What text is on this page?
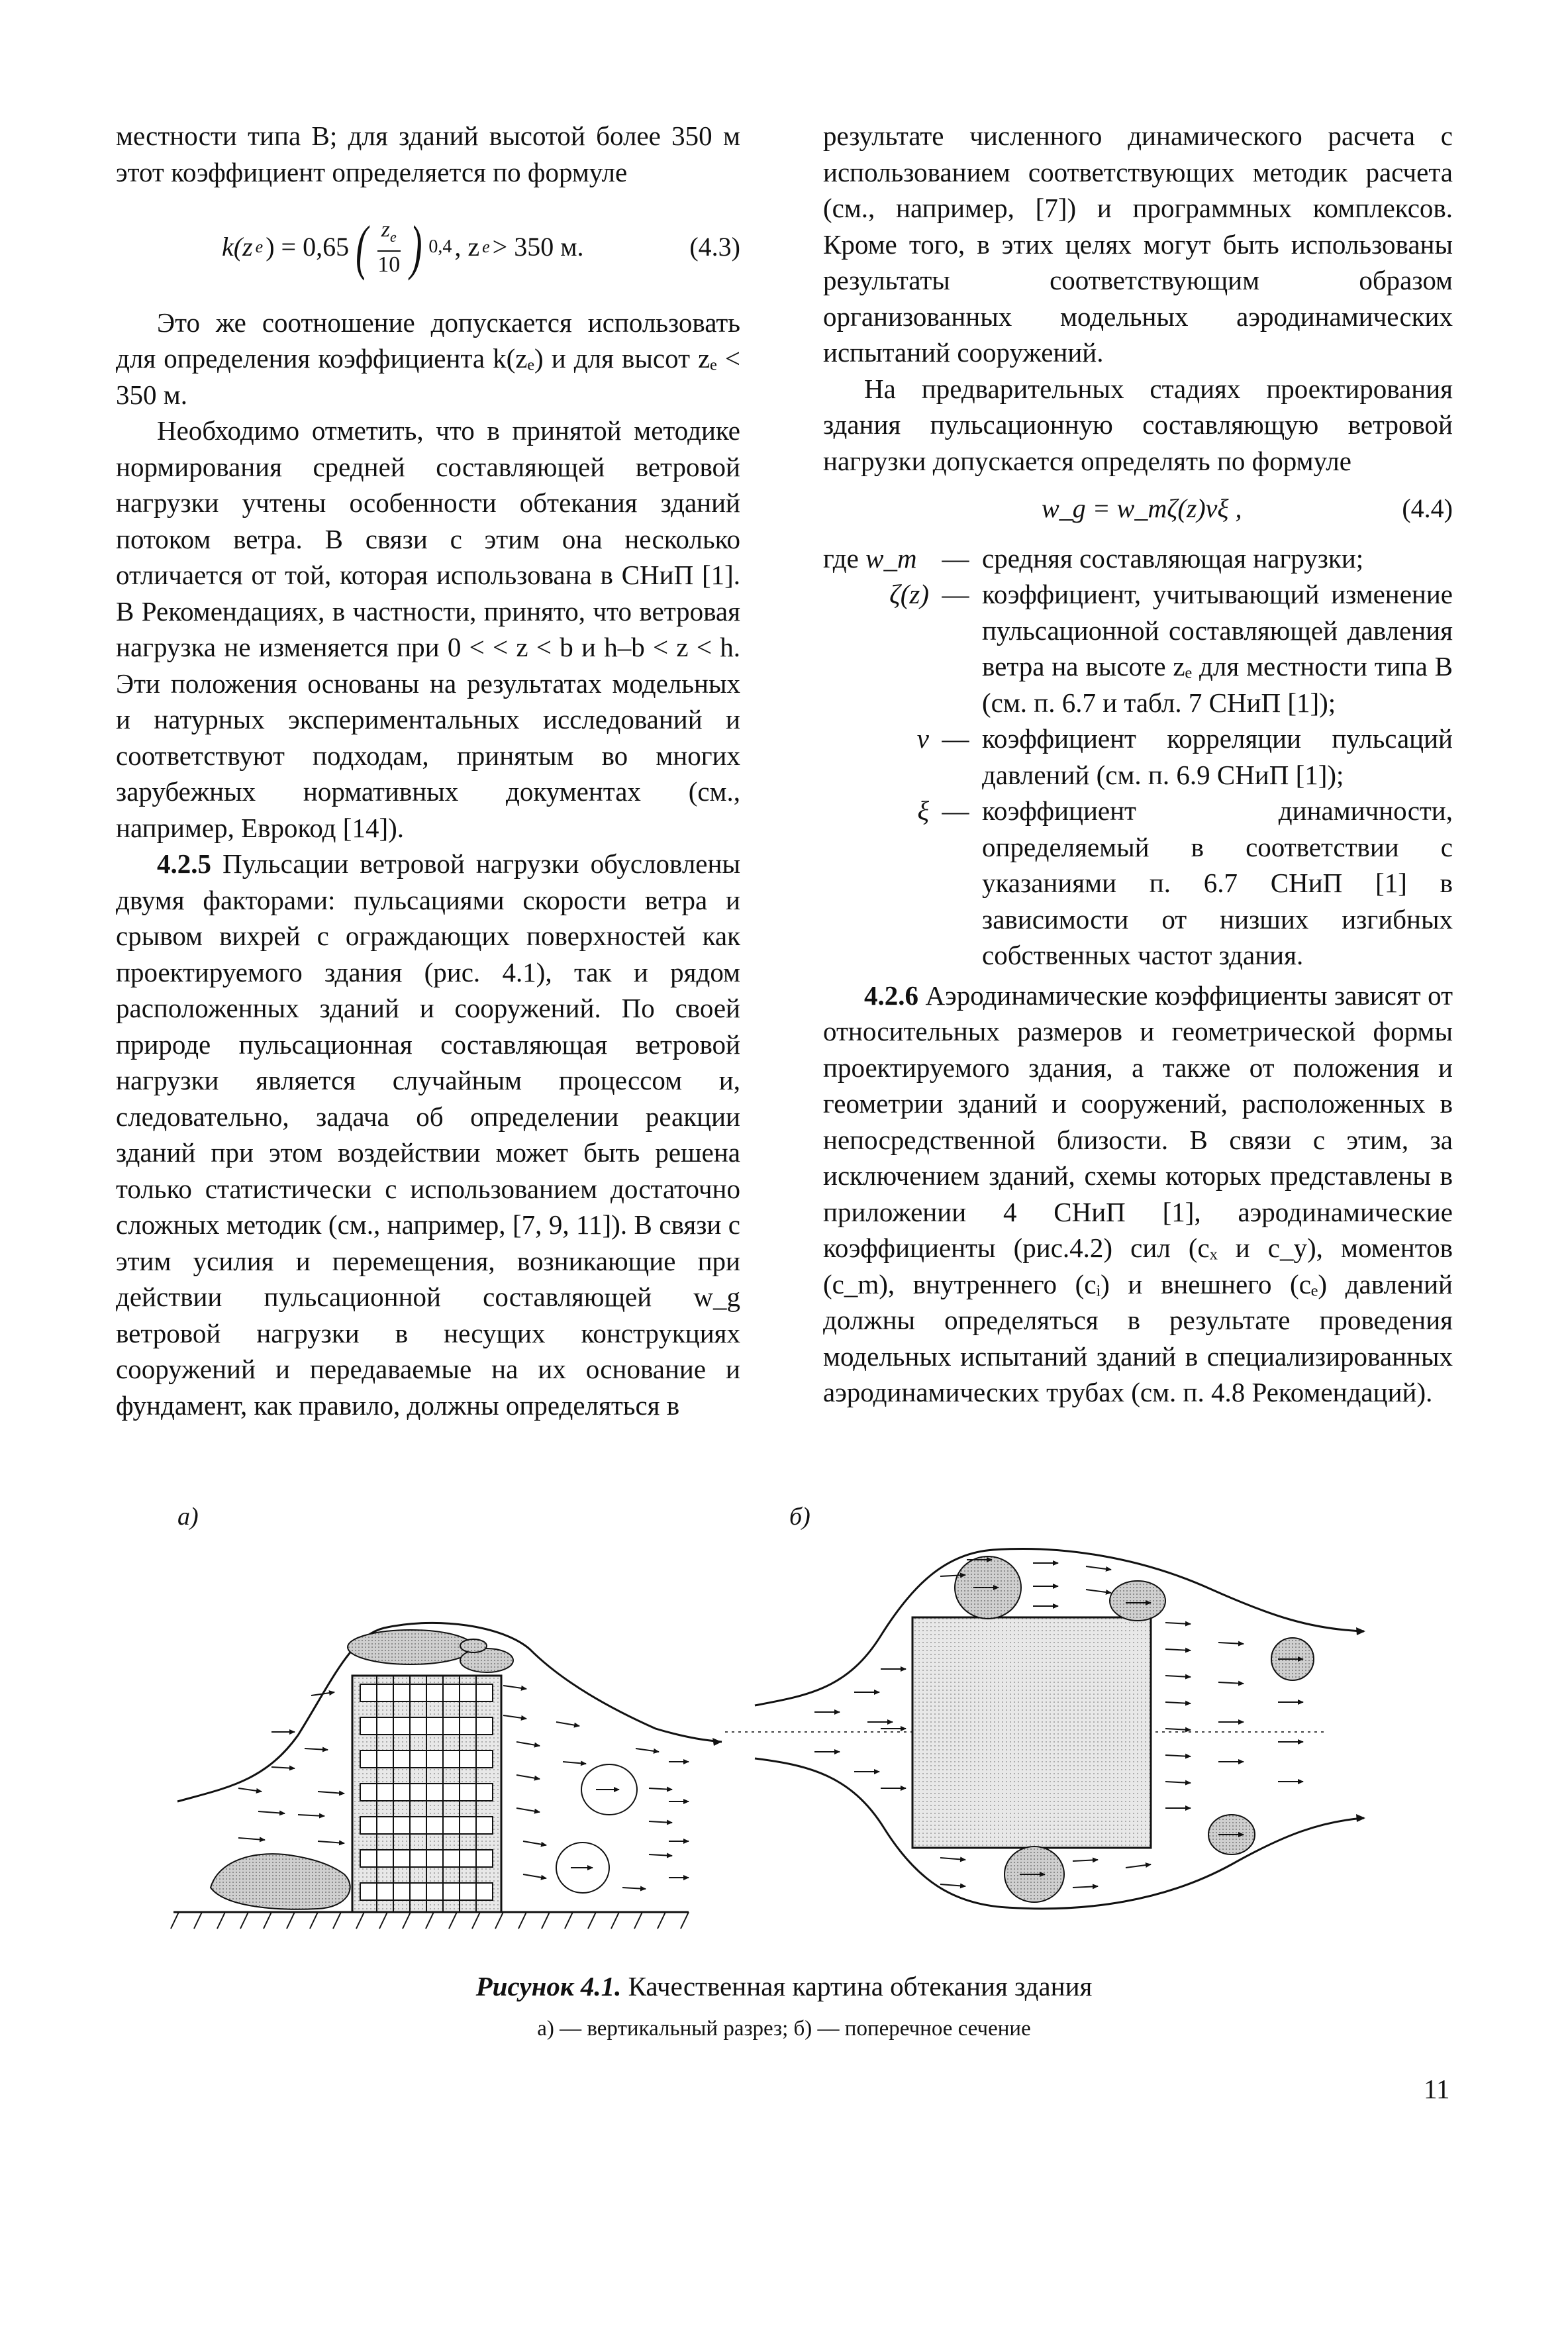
местности типа B; для зданий высотой более 350 м этот коэффициент определяется по формуле

k(z e ) = 0,65 ( $\frac{z_e}{10}$ ) 0,4 , z e > 350 м.	(4.3)

Это же соотношение допускается использовать для определения коэффициента k(zₑ) и для высот zₑ < 350 м.

Необходимо отметить, что в принятой методике нормирования средней составляющей ветровой нагрузки учтены особенности обтекания зданий потоком ветра. В связи с этим она несколько отличается от той, которая использована в СНиП [1]. В Рекомендациях, в частности, принято, что ветровая нагрузка не изменяется при 0 < < z < b и h–b < z < h. Эти положения основаны на результатах модельных и натурных экспериментальных исследований и соответствуют подходам, принятым во многих зарубежных нормативных документах (см., например, Еврокод [14]).

4.2.5 Пульсации ветровой нагрузки обусловлены двумя факторами: пульсациями скорости ветра и срывом вихрей с ограждающих поверхностей как проектируемого здания (рис. 4.1), так и рядом расположенных зданий и сооружений. По своей природе пульсационная составляющая ветровой нагрузки является случайным процессом и, следовательно, задача об определении реакции зданий при этом воздействии может быть решена только статистически с использованием достаточно сложных методик (см., например, [7, 9, 11]). В связи с этим усилия и перемещения, возникающие при действии пульсационной составляющей w_g ветровой нагрузки в несущих конструкциях сооружений и передаваемые на их основание и фундамент, как правило, должны определяться в

результате численного динамического расчета с использованием соответствующих методик расчета (см., например, [7]) и программных комплексов. Кроме того, в этих целях могут быть использованы результаты соответствующим образом организованных модельных аэродинамических испытаний сооружений.

На предварительных стадиях проектирования здания пульсационную составляющую ветровой нагрузки допускается определять по формуле

w_g = w_mζ(z)νξ ,	(4.4)
где w_m — средняя составляющая нагрузки;
ζ(z) — коэффициент, учитывающий изменение пульсационной составляющей давления ветра на высоте zₑ для местности типа B (см. п. 6.7 и табл. 7 СНиП [1]);
ν — коэффициент корреляции пульсаций давлений (см. п. 6.9 СНиП [1]);
ξ — коэффициент динамичности, определяемый в соответствии с указаниями п. 6.7 СНиП [1] в зависимости от низших изгибных собственных частот здания.

4.2.6 Аэродинамические коэффициенты зависят от относительных размеров и геометрической формы проектируемого здания, а также от положения и геометрии зданий и сооружений, расположенных в непосредственной близости. В связи с этим, за исключением зданий, схемы которых представлены в приложении 4 СНиП [1], аэродинамические коэффициенты (рис.4.2) сил (cₓ и c_y), моментов (c_m), внутреннего (cᵢ) и внешнего (cₑ) давлений должны определяться в результате проведения модельных испытаний зданий в специализированных аэродинамических трубах (см. п. 4.8 Рекомендаций).

а)	б)
Рисунок 4.1. Качественная картина обтекания здания
а) — вертикальный разрез; б) — поперечное сечение
11
